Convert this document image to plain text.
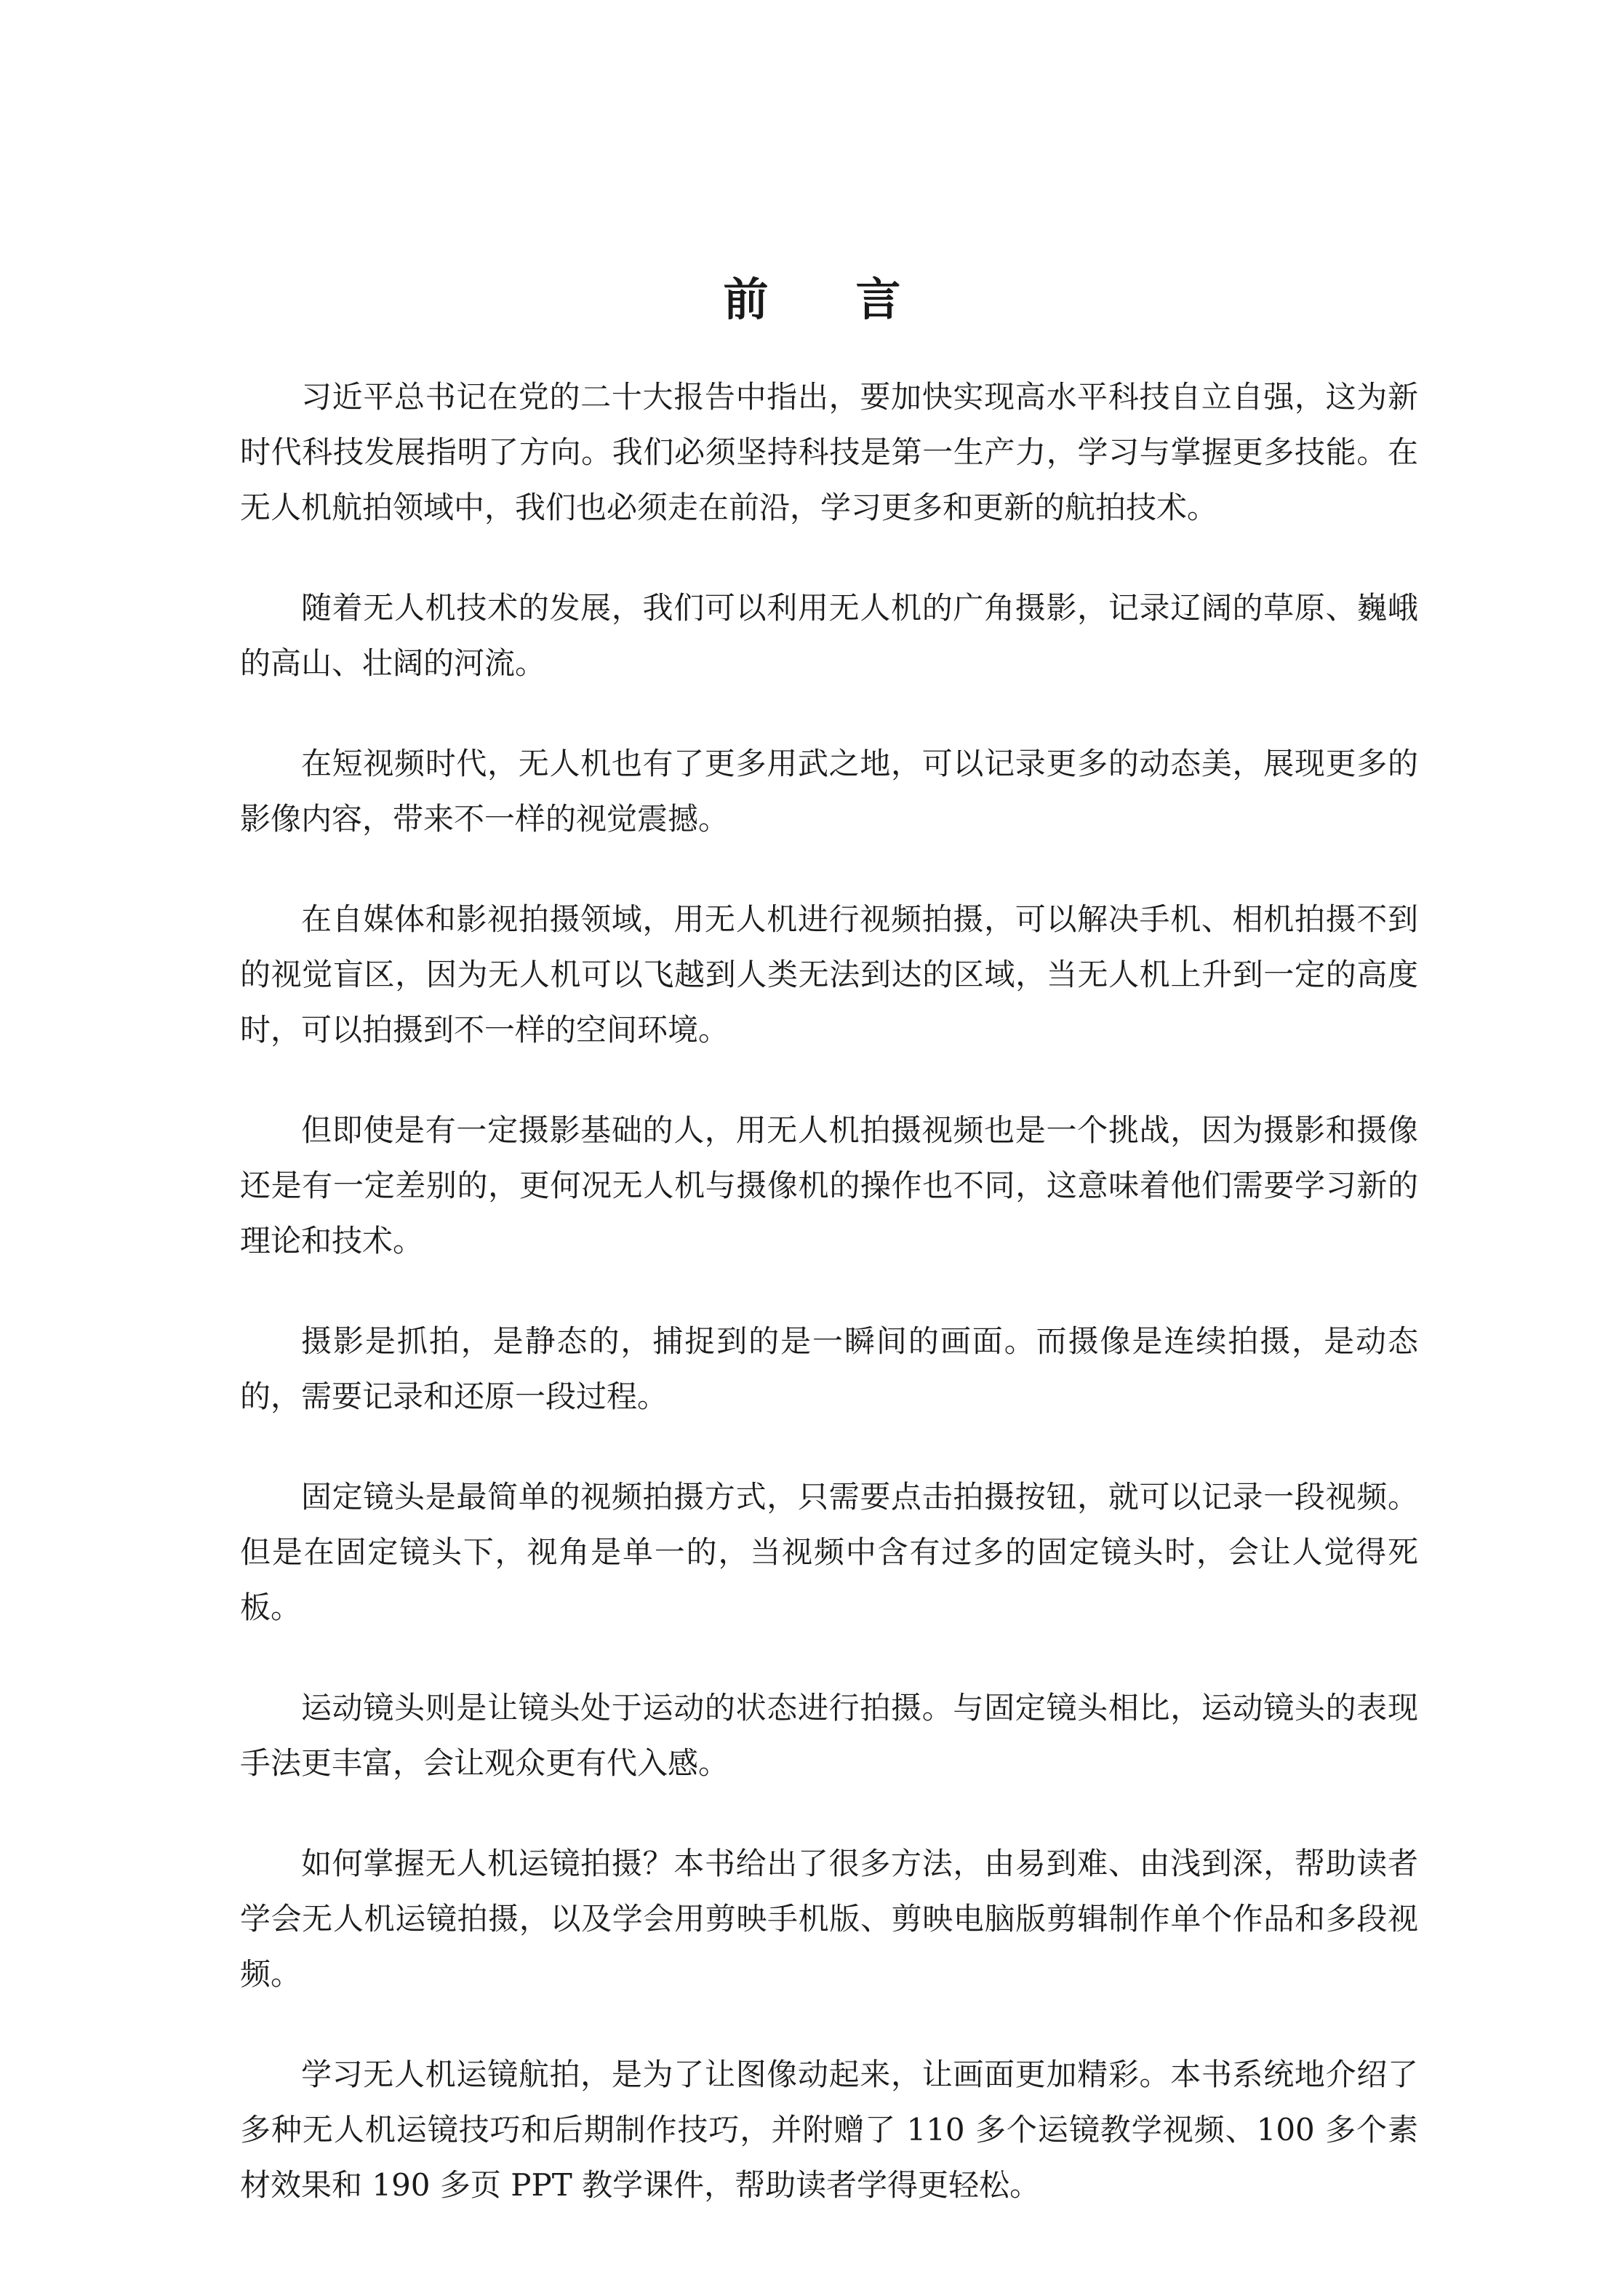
前 言

习近平总书记在党的二十大报告中指出，要加快实现高水平科技自立自强，这为新时代科技发展指明了方向。我们必须坚持科技是第一生产力，学习与掌握更多技能。在无人机航拍领域中，我们也必须走在前沿，学习更多和更新的航拍技术。

随着无人机技术的发展，我们可以利用无人机的广角摄影，记录辽阔的草原、巍峨的高山、壮阔的河流。

在短视频时代，无人机也有了更多用武之地，可以记录更多的动态美，展现更多的影像内容，带来不一样的视觉震撼。

在自媒体和影视拍摄领域，用无人机进行视频拍摄，可以解决手机、相机拍摄不到的视觉盲区，因为无人机可以飞越到人类无法到达的区域，当无人机上升到一定的高度时，可以拍摄到不一样的空间环境。

但即使是有一定摄影基础的人，用无人机拍摄视频也是一个挑战，因为摄影和摄像还是有一定差别的，更何况无人机与摄像机的操作也不同，这意味着他们需要学习新的理论和技术。

摄影是抓拍，是静态的，捕捉到的是一瞬间的画面。而摄像是连续拍摄，是动态的，需要记录和还原一段过程。

固定镜头是最简单的视频拍摄方式，只需要点击拍摄按钮，就可以记录一段视频。但是在固定镜头下，视角是单一的，当视频中含有过多的固定镜头时，会让人觉得死板。

运动镜头则是让镜头处于运动的状态进行拍摄。与固定镜头相比，运动镜头的表现手法更丰富，会让观众更有代入感。

如何掌握无人机运镜拍摄？本书给出了很多方法，由易到难、由浅到深，帮助读者学会无人机运镜拍摄，以及学会用剪映手机版、剪映电脑版剪辑制作单个作品和多段视频。

学习无人机运镜航拍，是为了让图像动起来，让画面更加精彩。本书系统地介绍了多种无人机运镜技巧和后期制作技巧，并附赠了 110 多个运镜教学视频、100 多个素材效果和 190 多页 PPT 教学课件，帮助读者学得更轻松。
